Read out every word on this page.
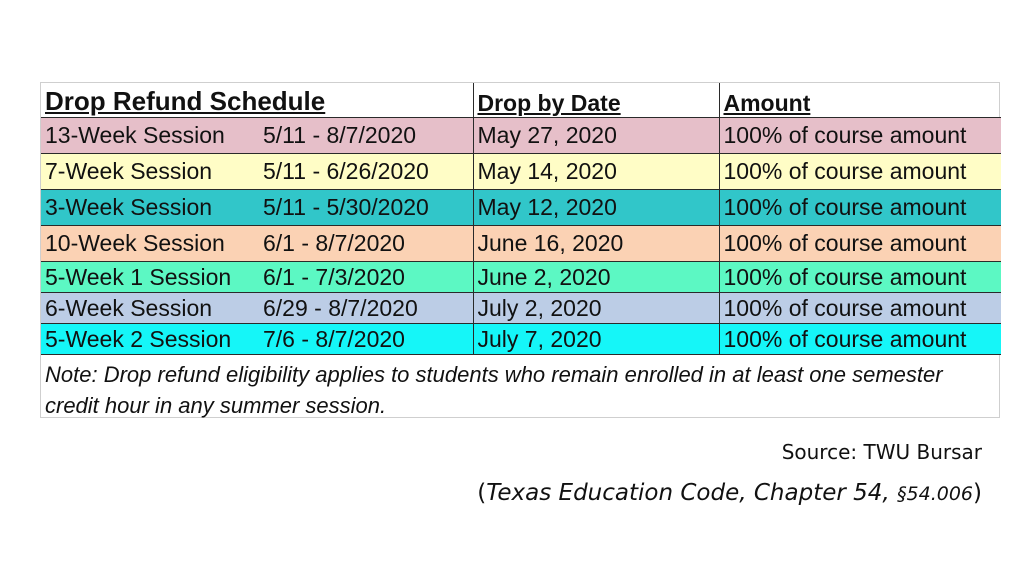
Drop Refund Schedule	Drop by Date	Amount
13-Week Session 5/11 - 8/7/2020	May 27, 2020	100% of course amount
7-Week Session 5/11 - 6/26/2020	May 14, 2020	100% of course amount
3-Week Session 5/11 - 5/30/2020	May 12, 2020	100% of course amount
10-Week Session 6/1 - 8/7/2020	June 16, 2020	100% of course amount
5-Week 1 Session 6/1 - 7/3/2020	June 2, 2020	100% of course amount
6-Week Session 6/29 - 8/7/2020	July 2, 2020	100% of course amount
5-Week 2 Session 7/6 - 8/7/2020	July 7, 2020	100% of course amount
Note: Drop refund eligibility applies to students who remain enrolled in at least one semester credit hour in any summer session.		
Source: TWU Bursar
(Texas Education Code, Chapter 54, §54.006)
